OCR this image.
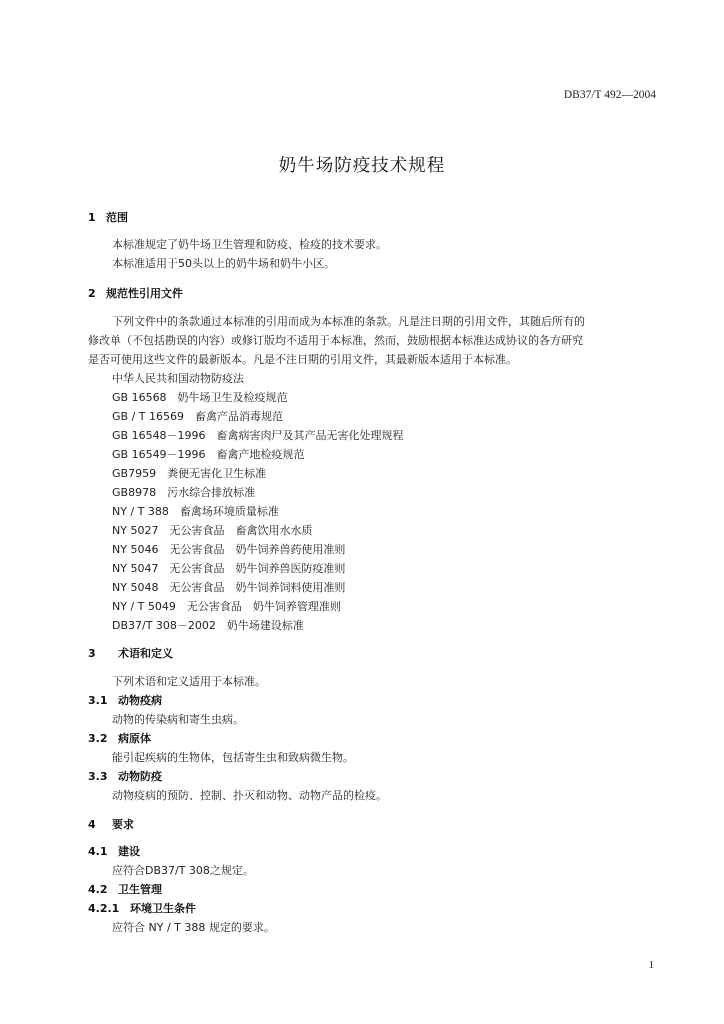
DB37/T 492—2004
奶牛场防疫技术规程
1 范围
本标准规定了奶牛场卫生管理和防疫、检疫的技术要求。
本标准适用于50头以上的奶牛场和奶牛小区。
2 规范性引用文件
下列文件中的条款通过本标准的引用而成为本标准的条款。凡是注日期的引用文件，其随后所有的
修改单（不包括勘误的内容）或修订版均不适用于本标准，然而，鼓励根据本标准达成协议的各方研究
是否可使用这些文件的最新版本。凡是不注日期的引用文件，其最新版本适用于本标准。
中华人民共和国动物防疫法
GB 16568　奶牛场卫生及检疫规范
GB / T 16569　畜禽产品消毒规范
GB 16548－1996　畜禽病害肉尸及其产品无害化处理规程
GB 16549－1996　畜禽产地检疫规范
GB7959　粪便无害化卫生标准
GB8978　污水综合排放标准
NY / T 388　畜禽场环境质量标准
NY 5027　无公害食品　畜禽饮用水水质
NY 5046　无公害食品　奶牛饲养兽药使用准则
NY 5047　无公害食品　奶牛饲养兽医防疫准则
NY 5048　无公害食品　奶牛饲养饲料使用准则
NY / T 5049　无公害食品　奶牛饲养管理准则
DB37/T 308－2002　奶牛场建设标准
3 术语和定义
下列术语和定义适用于本标准。
3.1 动物疫病
动物的传染病和寄生虫病。
3.2 病原体
能引起疾病的生物体，包括寄生虫和致病微生物。
3.3 动物防疫
动物疫病的预防、控制、扑灭和动物、动物产品的检疫。
4 要求
4.1 建设
应符合DB37/T 308之规定。
4.2 卫生管理
4.2.1 环境卫生条件
应符合 NY / T 388 规定的要求。
1
